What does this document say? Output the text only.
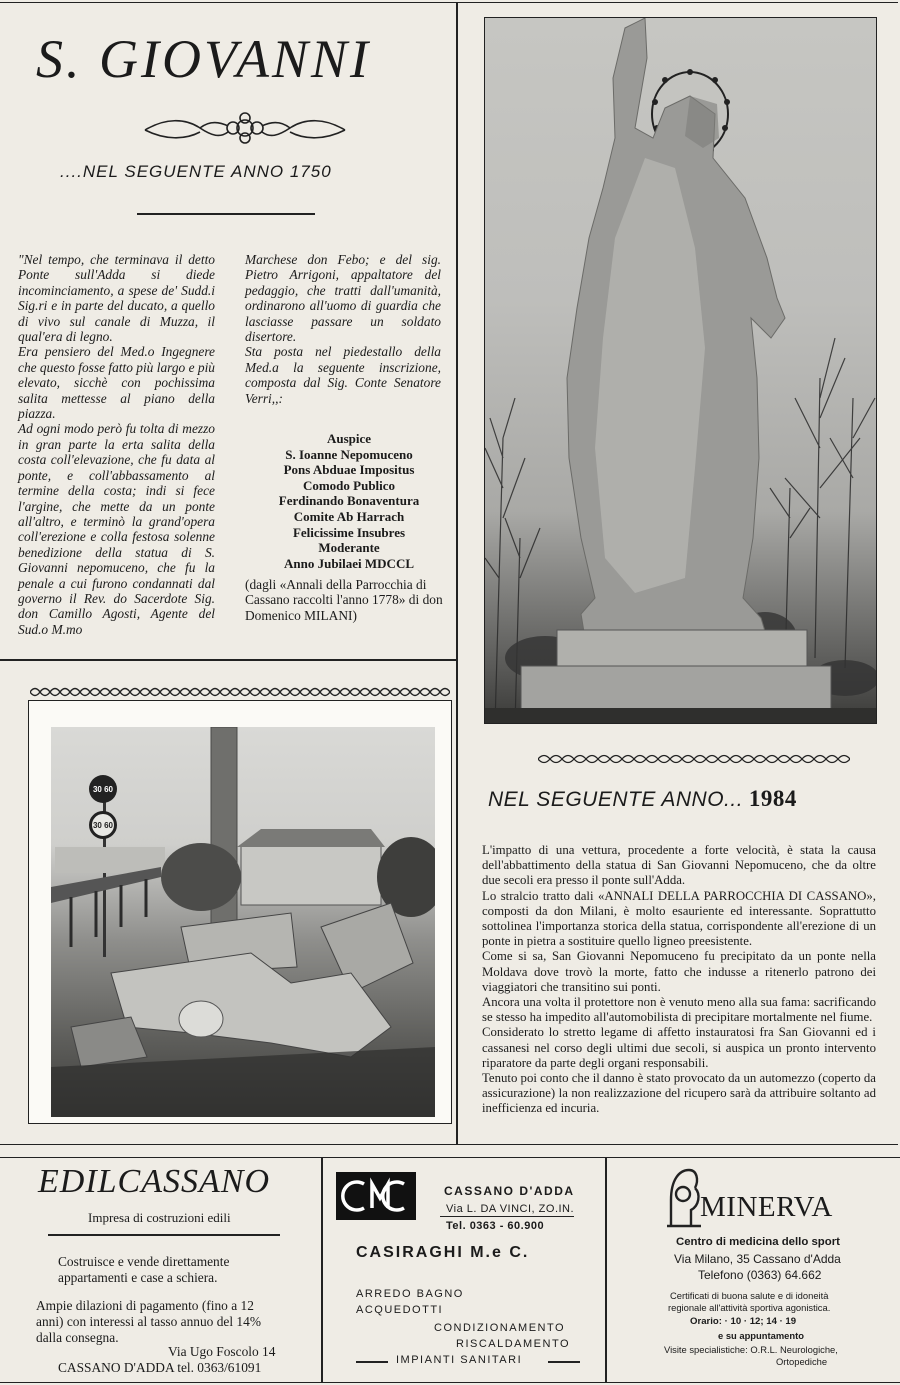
S. GIOVANNI
....NEL SEGUENTE ANNO 1750

"Nel tempo, che terminava il detto Ponte sull'Adda si diede incominciamento, a spese de' Sudd.i Sig.ri e in parte del ducato, a quello di vivo sul canale di Muzza, il qual'era di legno.

Era pensiero del Med.o Ingegnere che questo fosse fatto più largo e più elevato, sicchè con pochissima salita mettesse al piano della piazza.

Ad ogni modo però fu tolta di mezzo in gran parte la erta salita della costa coll'elevazione, che fu data al ponte, e coll'abbassamento al termine della costa; indi si fece l'argine, che mette da un ponte all'altro, e terminò la grand'opera coll'erezione e colla festosa solenne benedizione della statua di S. Giovanni nepomuceno, che fu la penale a cui furono condannati dal governo il Rev. do Sacerdote Sig. don Camillo Agosti, Agente del Sud.o M.mo

Marchese don Febo; e del sig. Pietro Arrigoni, appaltatore del pedaggio, che tratti dall'umanità, ordinarono all'uomo di guardia che lasciasse passare un soldato disertore.

Sta posta nel piedestallo della Med.a la seguente inscrizione, composta dal Sig. Conte Senatore Verri,,:

Auspice
S. Ioanne Nepomuceno
Pons Abduae Impositus
Comodo Publico
Ferdinando Bonaventura
Comite Ab Harrach
Felicissime Insubres
Moderante
Anno Jubilaei MDCCL
(dagli «Annali della Parrocchia di Cassano raccolti l'anno 1778» di don Domenico MILANI)
30 60
30 60
NEL SEGUENTE ANNO... 1984

L'impatto di una vettura, procedente a forte velocità, è stata la causa dell'abbattimento della statua di San Giovanni Nepomuceno, che da oltre due secoli era presso il ponte sull'Adda.

Lo stralcio tratto dali «ANNALI DELLA PARROCCHIA DI CASSANO», composti da don Milani, è molto esauriente ed interessante. Soprattutto sottolinea l'importanza storica della statua, corrispondente all'erezione di un ponte in pietra a sostituire quello ligneo preesistente.

Come si sa, San Giovanni Nepomuceno fu precipitato da un ponte nella Moldava dove trovò la morte, fatto che indusse a ritenerlo patrono dei viaggiatori che transitino sui ponti.

Ancora una volta il protettore non è venuto meno alla sua fama: sacrificando se stesso ha impedito all'automobilista di precipitare mortalmente nel fiume.

Considerato lo stretto legame di affetto instauratosi fra San Giovanni ed i cassanesi nel corso degli ultimi due secoli, si auspica un pronto intervento riparatore da parte degli organi responsabili.

Tenuto poi conto che il danno è stato provocato da un automezzo (coperto da assicurazione) la non realizzazione del ricupero sarà da attribuire soltanto ad inefficienza ed incuria.

EDILCASSANO
Impresa di costruzioni edili
Costruisce e vende direttamente
appartamenti e case a schiera.
Ampie dilazioni di pagamento (fino a 12
anni) con interessi al tasso annuo del 14%
dalla consegna.
Via Ugo Foscolo 14
CASSANO D'ADDA tel. 0363/61091
CASSANO D'ADDA
Via L. DA VINCI, ZO.IN.
Tel. 0363 - 60.900
CASIRAGHI M.e C.
ARREDO BAGNO
ACQUEDOTTI
CONDIZIONAMENTO
RISCALDAMENTO
IMPIANTI SANITARI
MINERVA
Centro di medicina dello sport
Via Milano, 35 Cassano d'Adda
Telefono (0363) 64.662
Certificati di buona salute e di idoneità
regionale all'attività sportiva agonistica.
Orario: · 10 · 12; 14 · 19
e su appuntamento
Visite specialistiche: O.R.L. Neurologiche,
Ortopediche
